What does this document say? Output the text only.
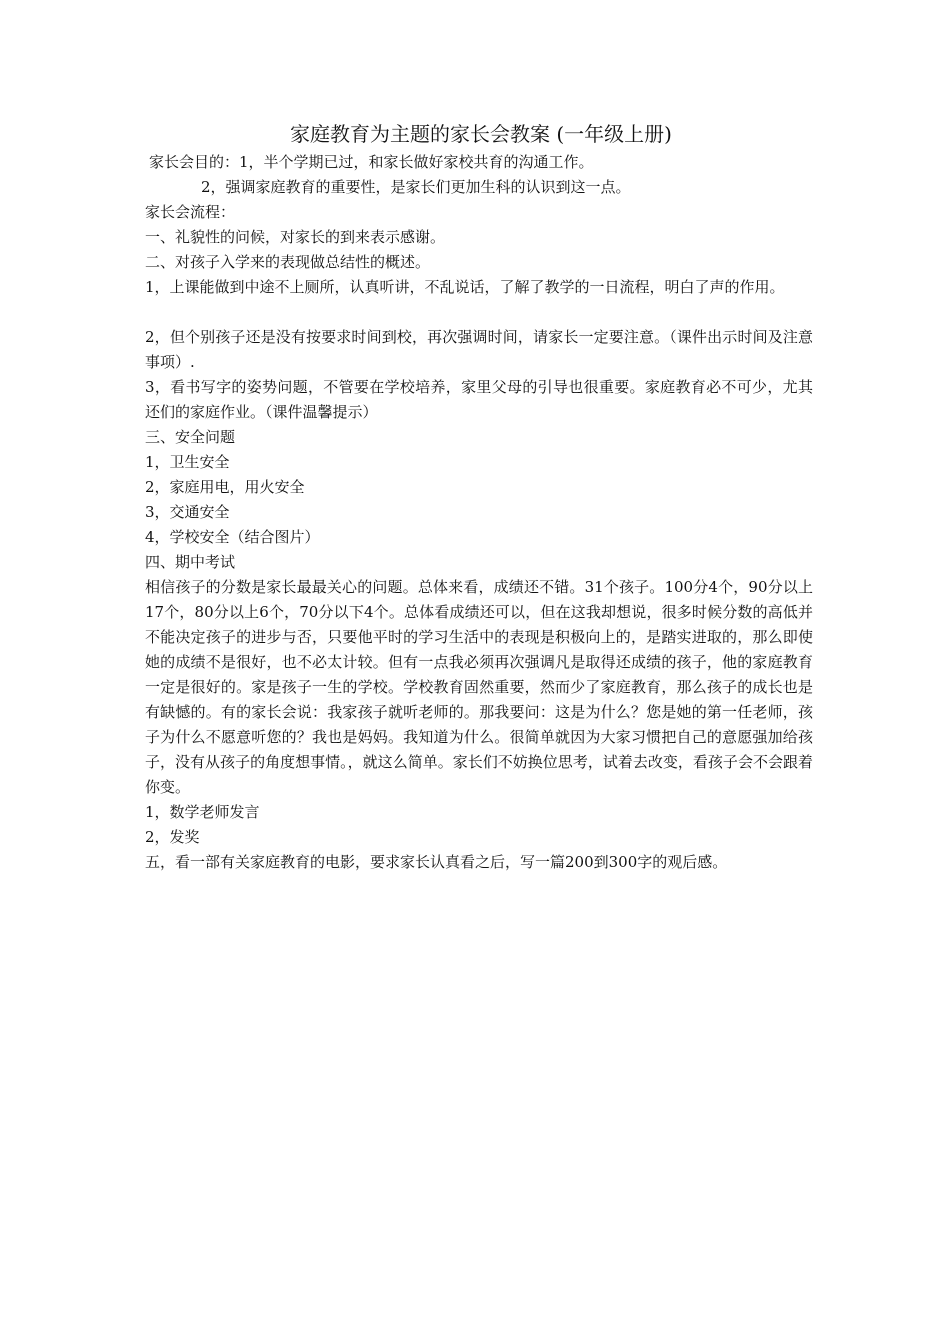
家庭教育为主题的家长会教案 (一年级上册)

家长会目的：1，半个学期已过，和家长做好家校共育的沟通工作。

2，强调家庭教育的重要性，是家长们更加生科的认识到这一点。

家长会流程：

一、礼貌性的问候，对家长的到来表示感谢。

二、对孩子入学来的表现做总结性的概述。

1，上课能做到中途不上厕所，认真听讲，不乱说话，了解了教学的一日流程，明白了声的作用。

2，但个别孩子还是没有按要求时间到校，再次强调时间，请家长一定要注意。（课件出示时间及注意事项）.

3，看书写字的姿势问题，不管要在学校培养，家里父母的引导也很重要。家庭教育必不可少，尤其还们的家庭作业。（课件温馨提示）

三、安全问题

1，卫生安全

2，家庭用电，用火安全

3，交通安全

4，学校安全（结合图片）

四、期中考试

相信孩子的分数是家长最最关心的问题。总体来看，成绩还不错。31个孩子。100分4个，90分以上17个，80分以上6个，70分以下4个。总体看成绩还可以，但在这我却想说，很多时候分数的高低并不能决定孩子的进步与否，只要他平时的学习生活中的表现是积极向上的，是踏实进取的，那么即使她的成绩不是很好，也不必太计较。但有一点我必须再次强调凡是取得还成绩的孩子，他的家庭教育一定是很好的。家是孩子一生的学校。学校教育固然重要，然而少了家庭教育，那么孩子的成长也是有缺憾的。有的家长会说：我家孩子就听老师的。那我要问：这是为什么？您是她的第一任老师，孩子为什么不愿意听您的？我也是妈妈。我知道为什么。很简单就因为大家习惯把自己的意愿强加给孩子，没有从孩子的角度想事情。，就这么简单。家长们不妨换位思考，试着去改变，看孩子会不会跟着你变。

1，数学老师发言

2，发奖

五，看一部有关家庭教育的电影，要求家长认真看之后，写一篇200到300字的观后感。
